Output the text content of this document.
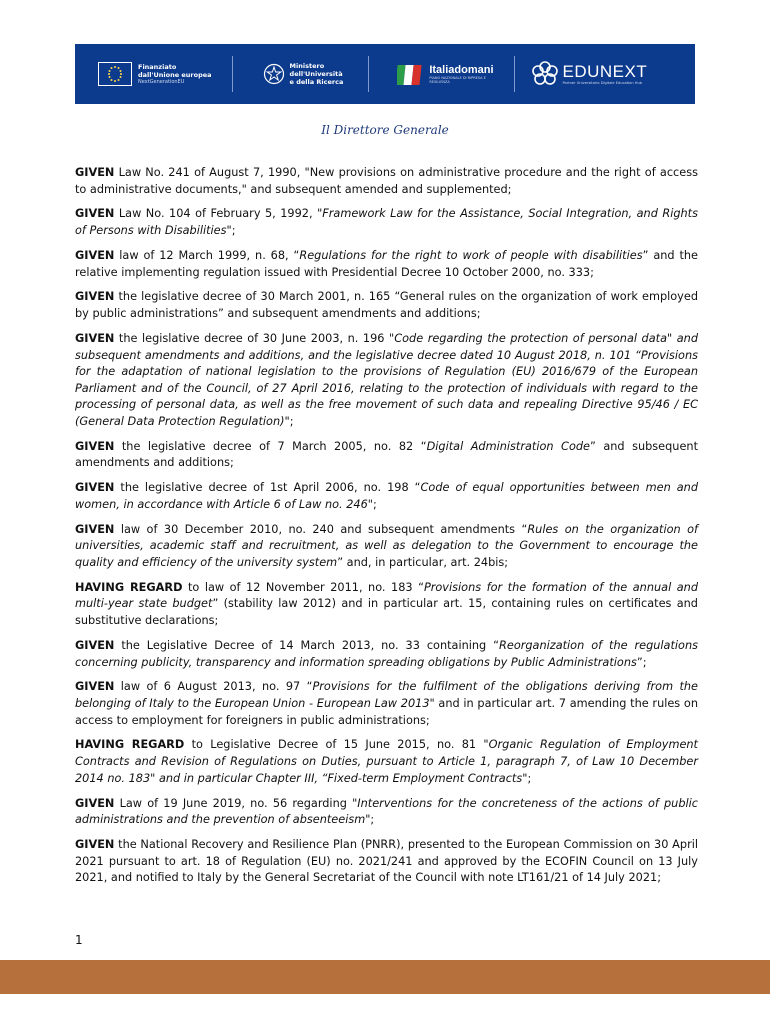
Finanziato
dall'Unione europea
NextGenerationEU
Ministero
dell'Università
e della Ricerca
Italiadomani
PIANO NAZIONALE DI RIPRESA E RESILIENZA
EDUNEXT
Partner Universitario Digitale Education Hub
Il Direttore Generale

GIVEN Law No. 241 of August 7, 1990, "New provisions on administrative procedure and the right of access to administrative documents," and subsequent amended and supplemented;

GIVEN Law No. 104 of February 5, 1992, "Framework Law for the Assistance, Social Integration, and Rights of Persons with Disabilities";

GIVEN law of 12 March 1999, n. 68, “Regulations for the right to work of people with disabilities” and the relative implementing regulation issued with Presidential Decree 10 October 2000, no. 333;

GIVEN the legislative decree of 30 March 2001, n. 165 “General rules on the organization of work employed by public administrations” and subsequent amendments and additions;

GIVEN the legislative decree of 30 June 2003, n. 196 "Code regarding the protection of personal data" and subsequent amendments and additions, and the legislative decree dated 10 August 2018, n. 101 “Provisions for the adaptation of national legislation to the provisions of Regulation (EU) 2016/679 of the European Parliament and of the Council, of 27 April 2016, relating to the protection of individuals with regard to the processing of personal data, as well as the free movement of such data and repealing Directive 95/46 / EC (General Data Protection Regulation)";

GIVEN the legislative decree of 7 March 2005, no. 82 “Digital Administration Code” and subsequent amendments and additions;

GIVEN the legislative decree of 1st April 2006, no. 198 “Code of equal opportunities between men and women, in accordance with Article 6 of Law no. 246";

GIVEN law of 30 December 2010, no. 240 and subsequent amendments “Rules on the organization of universities, academic staff and recruitment, as well as delegation to the Government to encourage the quality and efficiency of the university system” and, in particular, art. 24bis;

HAVING REGARD to law of 12 November 2011, no. 183 “Provisions for the formation of the annual and multi-year state budget” (stability law 2012) and in particular art. 15, containing rules on certificates and substitutive declarations;

GIVEN the Legislative Decree of 14 March 2013, no. 33 containing “Reorganization of the regulations concerning publicity, transparency and information spreading obligations by Public Administrations”;

GIVEN law of 6 August 2013, no. 97 “Provisions for the fulfilment of the obligations deriving from the belonging of Italy to the European Union - European Law 2013" and in particular art. 7 amending the rules on access to employment for foreigners in public administrations;

HAVING REGARD to Legislative Decree of 15 June 2015, no. 81 "Organic Regulation of Employment Contracts and Revision of Regulations on Duties, pursuant to Article 1, paragraph 7, of Law 10 December 2014 no. 183" and in particular Chapter III, “Fixed-term Employment Contracts";

GIVEN Law of 19 June 2019, no. 56 regarding "Interventions for the concreteness of the actions of public administrations and the prevention of absenteeism";

GIVEN the National Recovery and Resilience Plan (PNRR), presented to the European Commission on 30 April 2021 pursuant to art. 18 of Regulation (EU) no. 2021/241 and approved by the ECOFIN Council on 13 July 2021, and notified to Italy by the General Secretariat of the Council with note LT161/21 of 14 July 2021;

1
